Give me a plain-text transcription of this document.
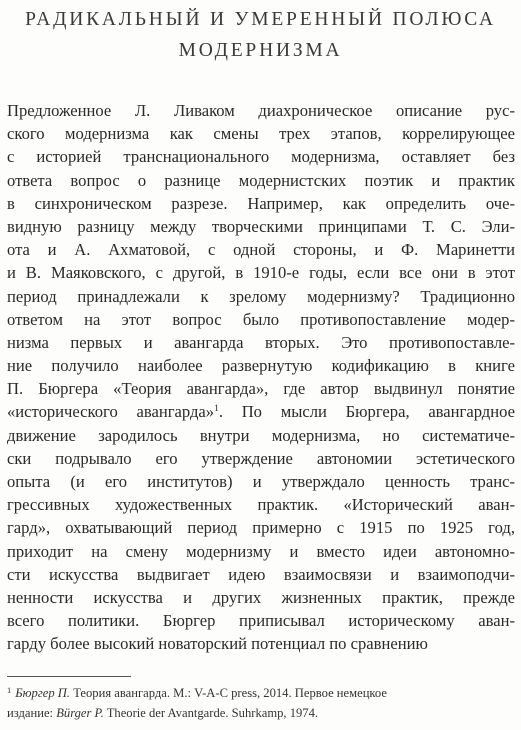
РАДИКАЛЬНЫЙ И УМЕРЕННЫЙ ПОЛЮСА
МОДЕРНИЗМА
Предложенное Л. Ливаком диахроническое описание рус-
ского модернизма как смены трех этапов, коррелирующее
с историей транснационального модернизма, оставляет без
ответа вопрос о разнице модернистских поэтик и практик
в синхроническом разрезе. Например, как определить оче-
видную разницу между творческими принципами Т. С. Эли-
ота и А. Ахматовой, с одной стороны, и Ф. Маринетти
и В. Маяковского, с другой, в 1910-е годы, если все они в этот
период принадлежали к зрелому модернизму? Традиционно
ответом на этот вопрос было противопоставление модер-
низма первых и авангарда вторых. Это противопоставле-
ние получило наиболее развернутую кодификацию в книге
П. Бюргера «Теория авангарда», где автор выдвинул понятие
«исторического авангарда»$^1$. По мысли Бюргера, авангардное
движение зародилось внутри модернизма, но систематиче-
ски подрывало его утверждение автономии эстетического
опыта (и его институтов) и утверждало ценность транс-
грессивных художественных практик. «Исторический аван-
гард», охватывающий период примерно с 1915 по 1925 год,
приходит на смену модернизму и вместо идеи автономно-
сти искусства выдвигает идею взаимосвязи и взаимоподчи-
ненности искусства и других жизненных практик, прежде
всего политики. Бюргер приписывал историческому аван-
гарду более высокий новаторский потенциал по сравнению
$^1$ Бюргер П. Теория авангарда. М.: V-A-C press, 2014. Первое немецкое
издание: Bürger P. Theorie der Avantgarde. Suhrkamp, 1974.
